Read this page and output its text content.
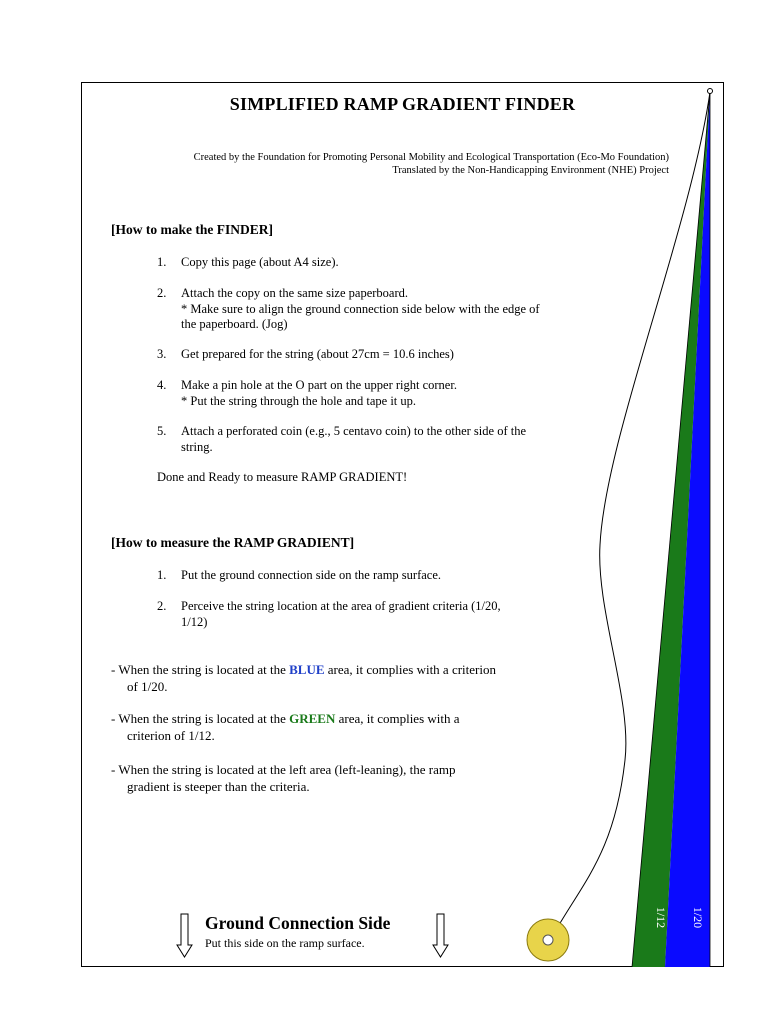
SIMPLIFIED RAMP GRADIENT FINDER
Created by the Foundation for Promoting Personal Mobility and Ecological Transportation (Eco-Mo Foundation)
Translated by the Non-Handicapping Environment (NHE) Project
[How to make the FINDER]
1.	Copy this page (about A4 size).
2.	Attach the copy on the same size paperboard.
* Make sure to align the ground connection side below with the edge of
the paperboard. (Jog)
3.	Get prepared for the string (about 27cm = 10.6 inches)
4.	Make a pin hole at the O part on the upper right corner.
* Put the string through the hole and tape it up.
5.	Attach a perforated coin (e.g., 5 centavo coin) to the other side of the
string.
Done and Ready to measure RAMP GRADIENT!
[How to measure the RAMP GRADIENT]
1.	Put the ground connection side on the ramp surface.
2.	Perceive the string location at the area of gradient criteria (1/20,
1/12)
- When the string is located at the BLUE area, it complies with a criterion
of 1/20.
- When the string is located at the GREEN area, it complies with a
criterion of 1/12.
- When the string is located at the left area (left-leaning), the ramp
gradient is steeper than the criteria.
1/12 1/20
Ground Connection Side
Put this side on the ramp surface.
